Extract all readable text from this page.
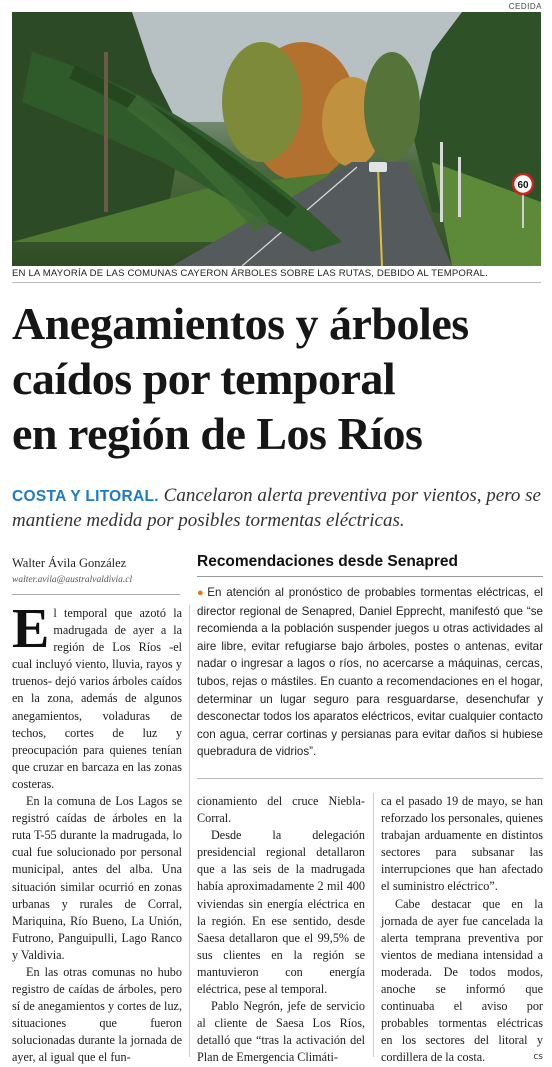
CEDIDA
60
EN LA MAYORÍA DE LAS COMUNAS CAYERON ÁRBOLES SOBRE LAS RUTAS, DEBIDO AL TEMPORAL.
Anegamientos y árboles
caídos por temporal
en región de Los Ríos
COSTA Y LITORAL. Cancelaron alerta preventiva por vientos, pero se mantiene medida por posibles tormentas eléctricas.
Walter Ávila González
walter.avila@australvaldivia.cl
Recomendaciones desde Senapred
● En atención al pronóstico de probables tormentas eléctricas, el director regional de Senapred, Daniel Epprecht, manifestó que “se recomienda a la población suspender juegos u otras actividades al aire libre, evitar refugiarse bajo árboles, postes o antenas, evitar nadar o ingresar a lagos o ríos, no acercarse a máquinas, cercas, tubos, rejas o mástiles. En cuanto a recomendaciones en el hogar, determinar un lugar seguro para resguardarse, desenchufar y desconectar todos los aparatos eléctricos, evitar cualquier contacto con agua, cerrar cortinas y persianas para evitar daños si hubiese quebradura de vidrios”.

El temporal que azotó la madrugada de ayer a la región de Los Ríos -el cual incluyó viento, lluvia, rayos y truenos- dejó varios árboles caídos en la zona, además de algunos anegamientos, voladuras de techos, cortes de luz y preocupación para quienes tenían que cruzar en barcaza en las zonas costeras.

En la comuna de Los Lagos se registró caídas de árboles en la ruta T-55 durante la madrugada, lo cual fue solucionado por personal municipal, antes del alba. Una situación similar ocurrió en zonas urbanas y rurales de Corral, Mariquina, Río Bueno, La Unión, Futrono, Panguipulli, Lago Ranco y Valdivia.

En las otras comunas no hubo registro de caídas de árboles, pero sí de anegamientos y cortes de luz, situaciones que fueron solucionadas durante la jornada de ayer, al igual que el fun-

cionamiento del cruce Niebla-Corral.

Desde la delegación presidencial regional detallaron que a las seis de la madrugada había aproximadamente 2 mil 400 viviendas sin energía eléctrica en la región. En ese sentido, desde Saesa detallaron que el 99,5% de sus clientes en la región se mantuvieron con energía eléctrica, pese al temporal.

Pablo Negrón, jefe de servicio al cliente de Saesa Los Ríos, detalló que “tras la activación del Plan de Emergencia Climáti-

ca el pasado 19 de mayo, se han reforzado los personales, quienes trabajan arduamente en distintos sectores para subsanar las interrupciones que han afectado el suministro eléctrico”.

Cabe destacar que en la jornada de ayer fue cancelada la alerta temprana preventiva por vientos de mediana intensidad a moderada. De todos modos, anoche se informó que continuaba el aviso por probables tormentas eléctricas en los sectores del litoral y cordillera de la costa.	cs
